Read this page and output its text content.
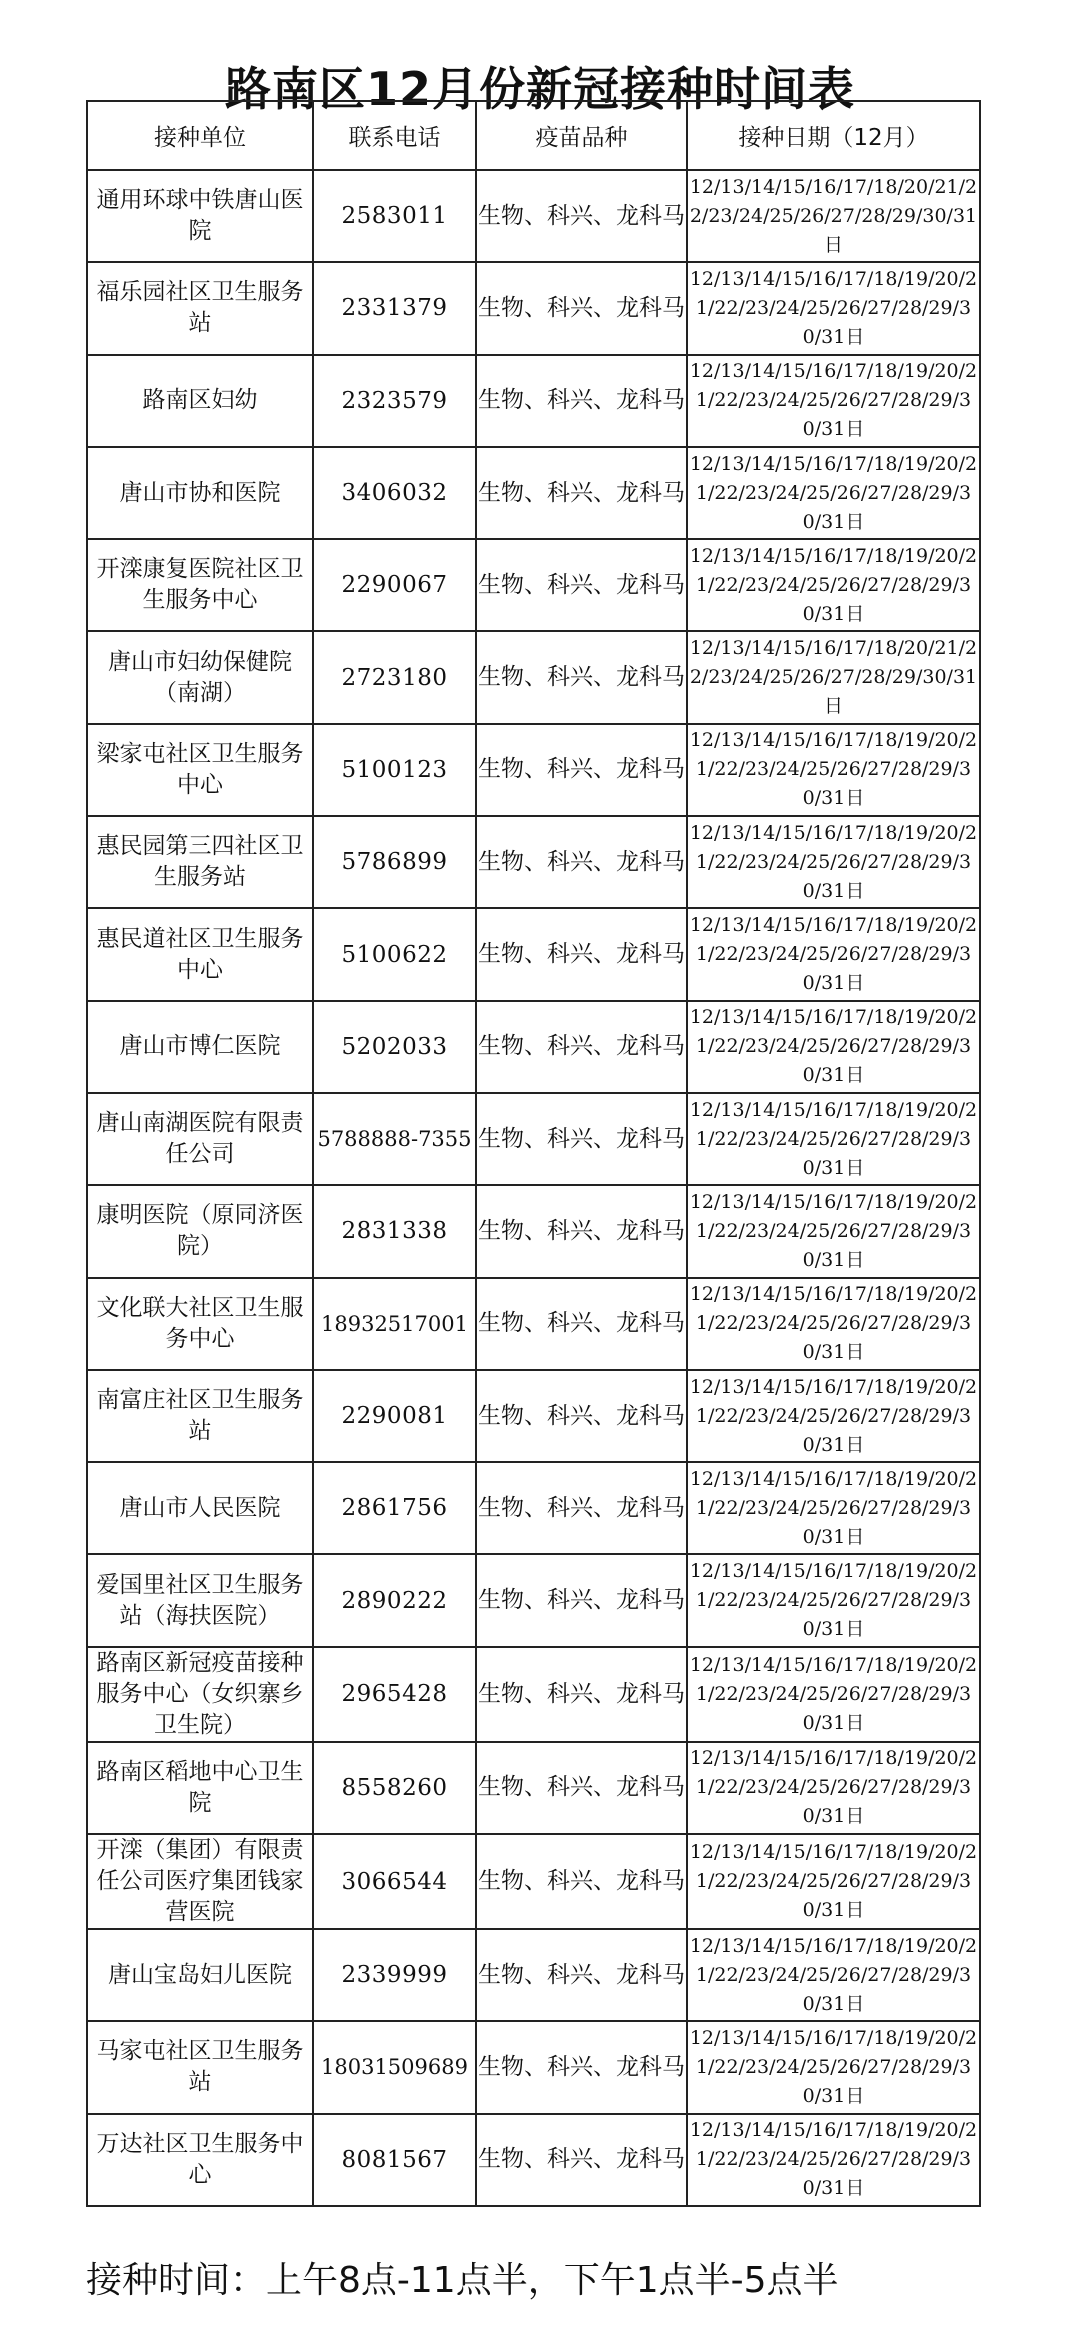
路南区12月份新冠接种时间表
接种单位	联系电话	疫苗品种	接种日期（12月）
通用环球中铁唐山医院	2583011	生物、科兴、龙科马	12/13/14/15/16/17/18/20/21/22/23/24/25/26/27/28/29/30/31日
福乐园社区卫生服务站	2331379	生物、科兴、龙科马	12/13/14/15/16/17/18/19/20/21/22/23/24/25/26/27/28/29/30/31日
路南区妇幼	2323579	生物、科兴、龙科马	12/13/14/15/16/17/18/19/20/21/22/23/24/25/26/27/28/29/30/31日
唐山市协和医院	3406032	生物、科兴、龙科马	12/13/14/15/16/17/18/19/20/21/22/23/24/25/26/27/28/29/30/31日
开滦康复医院社区卫生服务中心	2290067	生物、科兴、龙科马	12/13/14/15/16/17/18/19/20/21/22/23/24/25/26/27/28/29/30/31日
唐山市妇幼保健院（南湖）	2723180	生物、科兴、龙科马	12/13/14/15/16/17/18/20/21/22/23/24/25/26/27/28/29/30/31日
梁家屯社区卫生服务中心	5100123	生物、科兴、龙科马	12/13/14/15/16/17/18/19/20/21/22/23/24/25/26/27/28/29/30/31日
惠民园第三四社区卫生服务站	5786899	生物、科兴、龙科马	12/13/14/15/16/17/18/19/20/21/22/23/24/25/26/27/28/29/30/31日
惠民道社区卫生服务中心	5100622	生物、科兴、龙科马	12/13/14/15/16/17/18/19/20/21/22/23/24/25/26/27/28/29/30/31日
唐山市博仁医院	5202033	生物、科兴、龙科马	12/13/14/15/16/17/18/19/20/21/22/23/24/25/26/27/28/29/30/31日
唐山南湖医院有限责任公司	5788888-7355	生物、科兴、龙科马	12/13/14/15/16/17/18/19/20/21/22/23/24/25/26/27/28/29/30/31日
康明医院（原同济医院）	2831338	生物、科兴、龙科马	12/13/14/15/16/17/18/19/20/21/22/23/24/25/26/27/28/29/30/31日
文化联大社区卫生服务中心	18932517001	生物、科兴、龙科马	12/13/14/15/16/17/18/19/20/21/22/23/24/25/26/27/28/29/30/31日
南富庄社区卫生服务站	2290081	生物、科兴、龙科马	12/13/14/15/16/17/18/19/20/21/22/23/24/25/26/27/28/29/30/31日
唐山市人民医院	2861756	生物、科兴、龙科马	12/13/14/15/16/17/18/19/20/21/22/23/24/25/26/27/28/29/30/31日
爱国里社区卫生服务站（海扶医院）	2890222	生物、科兴、龙科马	12/13/14/15/16/17/18/19/20/21/22/23/24/25/26/27/28/29/30/31日
路南区新冠疫苗接种服务中心（女织寨乡卫生院）	2965428	生物、科兴、龙科马	12/13/14/15/16/17/18/19/20/21/22/23/24/25/26/27/28/29/30/31日
路南区稻地中心卫生院	8558260	生物、科兴、龙科马	12/13/14/15/16/17/18/19/20/21/22/23/24/25/26/27/28/29/30/31日
开滦（集团）有限责任公司医疗集团钱家营医院	3066544	生物、科兴、龙科马	12/13/14/15/16/17/18/19/20/21/22/23/24/25/26/27/28/29/30/31日
唐山宝岛妇儿医院	2339999	生物、科兴、龙科马	12/13/14/15/16/17/18/19/20/21/22/23/24/25/26/27/28/29/30/31日
马家屯社区卫生服务站	18031509689	生物、科兴、龙科马	12/13/14/15/16/17/18/19/20/21/22/23/24/25/26/27/28/29/30/31日
万达社区卫生服务中心	8081567	生物、科兴、龙科马	12/13/14/15/16/17/18/19/20/21/22/23/24/25/26/27/28/29/30/31日
接种时间：上午8点-11点半，下午1点半-5点半
